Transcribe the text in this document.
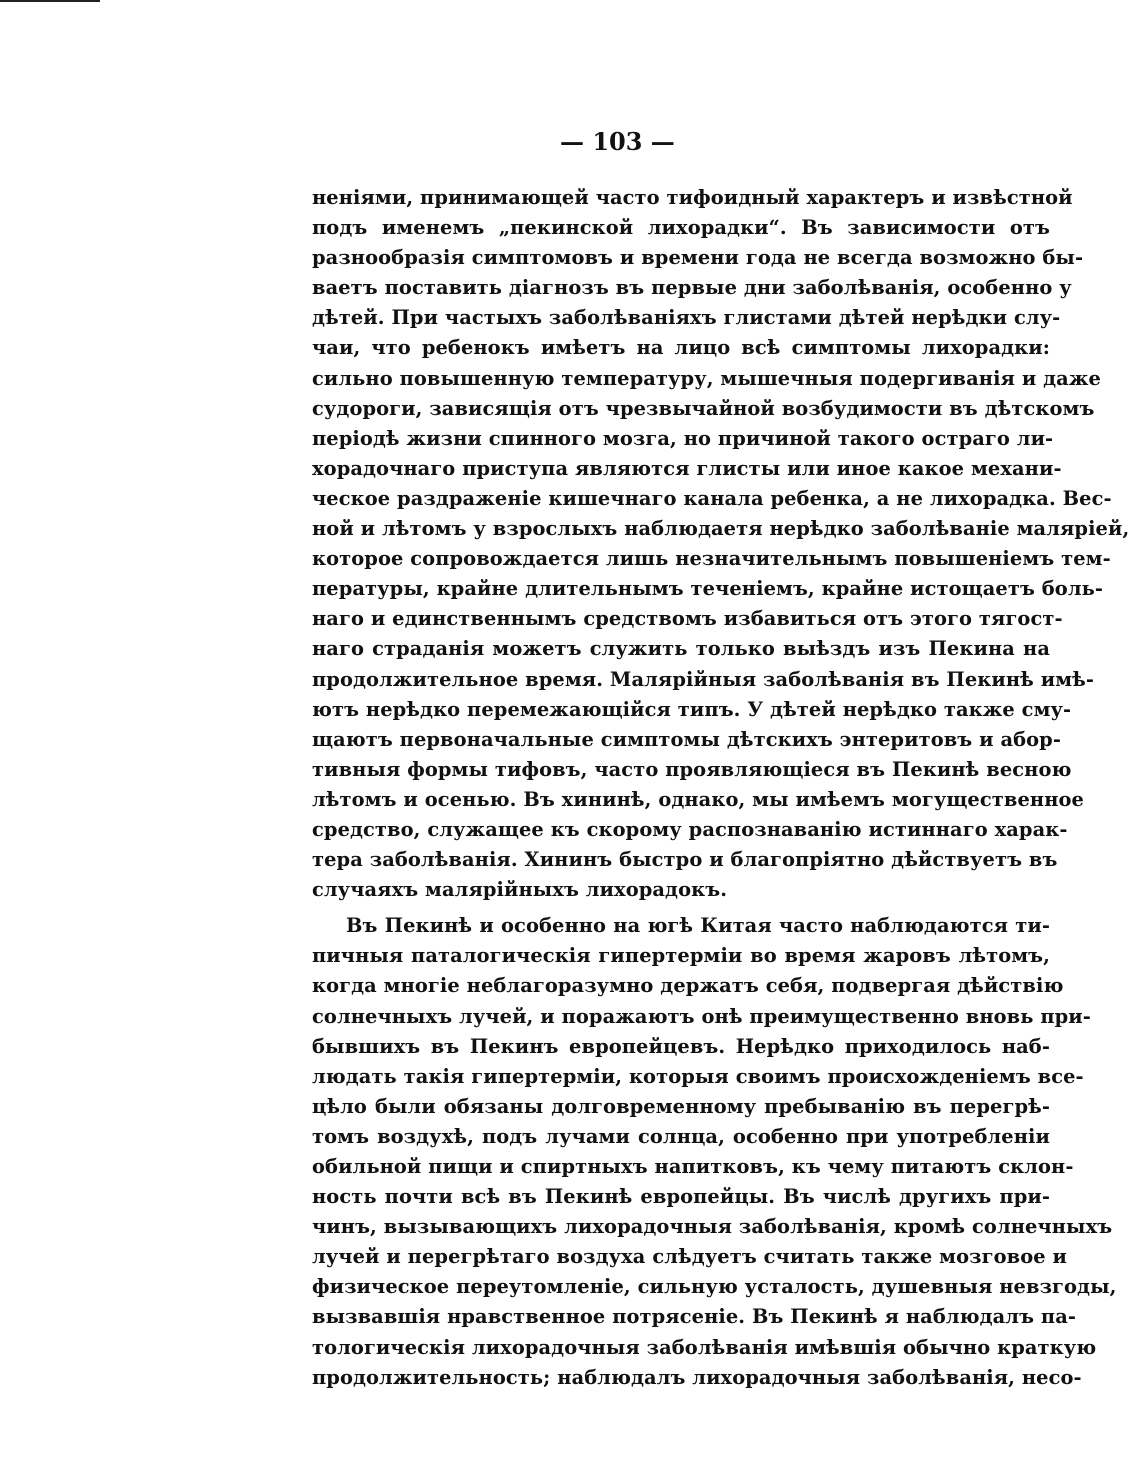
— 103 —
неніями, принимающей часто тифоидный характеръ и извѣстной
подъ именемъ „пекинской лихорадки“. Въ зависимости отъ
разнообразія симптомовъ и времени года не всегда возможно бы-
ваетъ поставить діагнозъ въ первые дни заболѣванія, особенно у
дѣтей. При частыхъ заболѣваніяхъ глистами дѣтей нерѣдки слу-
чаи, что ребенокъ имѣетъ на лицо всѣ симптомы лихорадки:
сильно повышенную температуру, мышечныя подергиванія и даже
судороги, зависящія отъ чрезвычайной возбудимости въ дѣтскомъ
періодѣ жизни спинного мозга, но причиной такого остраго ли-
хорадочнаго приступа являются глисты или иное какое механи-
ческое раздраженіе кишечнаго канала ребенка, а не лихорадка. Вес-
ной и лѣтомъ у взрослыхъ наблюдаетя нерѣдко заболѣваніе малярiей,
которое сопровождается лишь незначительнымъ повышеніемъ тем-
пературы, крайне длительнымъ теченіемъ, крайне истощаетъ боль-
наго и единственнымъ средствомъ избавиться отъ этого тягост-
наго страданія можетъ служить только выѣздъ изъ Пекина на
продолжительное время. Малярійныя заболѣванія въ Пекинѣ имѣ-
ютъ нерѣдко перемежающійся типъ. У дѣтей нерѣдко также сму-
щаютъ первоначальные симптомы дѣтскихъ энтеритовъ и абор-
тивныя формы тифовъ, часто проявляющіеся въ Пекинѣ весною
лѣтомъ и осенью. Въ хининѣ, однако, мы имѣемъ могущественное
средство, служащее къ скорому распознаванію истиннаго харак-
тера заболѣванія. Хининъ быстро и благопріятно дѣйствуетъ въ
случаяхъ малярійныхъ лихорадокъ.
Въ Пекинѣ и особенно на югѣ Китая часто наблюдаются ти-
пичныя паталогическія гипертерміи во время жаровъ лѣтомъ,
когда многіе неблагоразумно держатъ себя, подвергая дѣйствію
солнечныхъ лучей, и поражаютъ онѣ преимущественно вновь при-
бывшихъ въ Пекинъ европейцевъ. Нерѣдко приходилось наб-
людать такія гипертерміи, которыя своимъ происхожденіемъ все-
цѣло были обязаны долговременному пребыванію въ перегрѣ-
томъ воздухѣ, подъ лучами солнца, особенно при употребленіи
обильной пищи и спиртныхъ напитковъ, къ чему питаютъ склон-
ность почти всѣ въ Пекинѣ европейцы. Въ числѣ другихъ при-
чинъ, вызывающихъ лихорадочныя заболѣванія, кромѣ солнечныхъ
лучей и перегрѣтаго воздуха слѣдуетъ считать также мозговое и
физическое переутомленіе, сильную усталость, душевныя невзгоды,
вызвавшія нравственное потрясеніе. Въ Пекинѣ я наблюдалъ па-
тологическія лихорадочныя заболѣванія имѣвшія обычно краткую
продолжительность; наблюдалъ лихорадочныя заболѣванія, несо-
